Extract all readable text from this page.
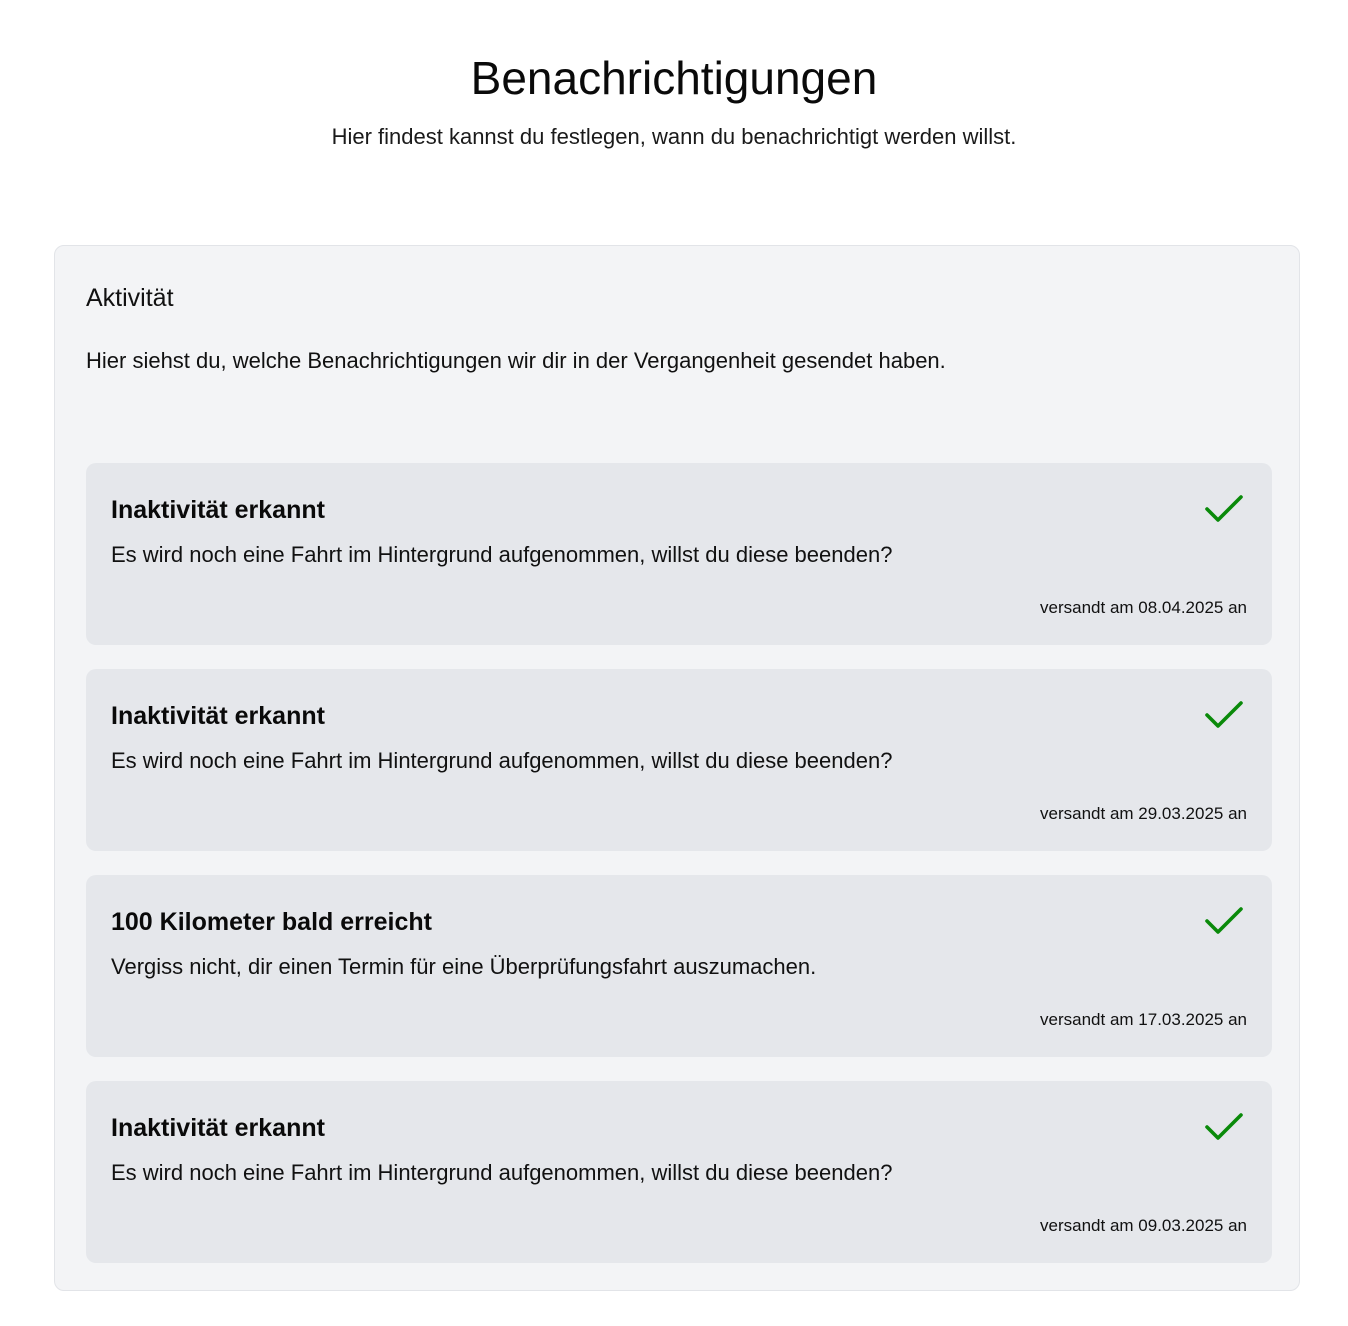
Benachrichtigungen

Hier findest kannst du festlegen, wann du benachrichtigt werden willst.

Aktivität

Hier siehst du, welche Benachrichtigungen wir dir in der Vergangenheit gesendet haben.

Inaktivität erkannt

Es wird noch eine Fahrt im Hintergrund aufgenommen, willst du diese beenden?

versandt am 08.04.2025 an

Inaktivität erkannt

Es wird noch eine Fahrt im Hintergrund aufgenommen, willst du diese beenden?

versandt am 29.03.2025 an

100 Kilometer bald erreicht

Vergiss nicht, dir einen Termin für eine Überprüfungsfahrt auszumachen.

versandt am 17.03.2025 an

Inaktivität erkannt

Es wird noch eine Fahrt im Hintergrund aufgenommen, willst du diese beenden?

versandt am 09.03.2025 an
